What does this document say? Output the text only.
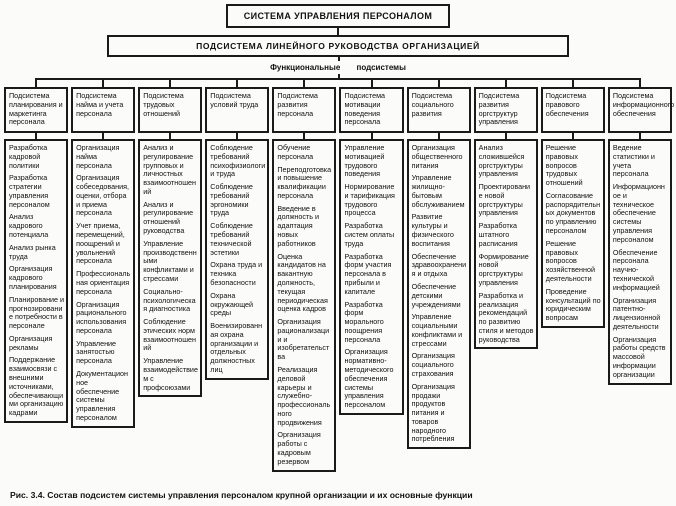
СИСТЕМА УПРАВЛЕНИЯ ПЕРСОНАЛОМ
ПОДСИСТЕМА ЛИНЕЙНОГО РУКОВОДСТВА ОРГАНИЗАЦИЕЙ
Функциональные подсистемы
Подсистема планирования и маркетинга персонала
Разработка кадровой политики
Разработка стратегии управления персоналом
Анализ кадрового потенциала
Анализ рынка труда
Организация кадрового планирования
Планирование и прогнозирование потребности в персонале
Организация рекламы
Поддержание взаимосвязи с внешними источниками, обеспечивающими организацию кадрами
Подсистема найма и учета персонала
Организация найма персонала
Организация собеседования, оценки, отбора и приема персонала
Учет приема, перемещений, поощрений и увольнений персонала
Профессиональная ориентация персонала
Организация рационального использования персонала
Управление занятостью персонала
Документационное обеспечение системы управления персоналом
Подсистема трудовых отношений
Анализ и регулирование групповых и личностных взаимоотношений
Анализ и регулирование отношений руководства
Управление производственными конфликтами и стрессами
Социально-психологическая диагностика
Соблюдение этических норм взаимоотношений
Управление взаимодействием с профсоюзами
Подсистема условий труда
Соблюдение требований психофизиологии труда
Соблюдение требований эргономики труда
Соблюдение требований технической эстетики
Охрана труда и техника безопасности
Охрана окружающей среды
Военизированная охрана организации и отдельных должностных лиц
Подсистема развития персонала
Обучение персонала
Переподготовка и повышение квалификации персонала
Введение в должность и адаптация новых работников
Оценка кандидатов на вакантную должность, текущая периодическая оценка кадров
Организация рационализации и изобретательства
Реализация деловой карьеры и служебно-профессионального продвижения
Организация работы с кадровым резервом
Подсистема мотивации поведения персонала
Управление мотивацией трудового поведения
Нормирование и тарификация трудового процесса
Разработка систем оплаты труда
Разработка форм участия персонала в прибыли и капитале
Разработка форм морального поощрения персонала
Организация нормативно-методического обеспечения системы управления персоналом
Подсистема социального развития
Организация общественного питания
Управление жилищно-бытовым обслуживанием
Развитие культуры и физического воспитания
Обеспечение здравоохранения и отдыха
Обеспечение детскими учреждениями
Управление социальными конфликтами и стрессами
Организация социального страхования
Организация продажи продуктов питания и товаров народного потребления
Подсистема развития оргструктур управления
Анализ сложившейся оргструктуры управления
Проектирование новой оргструктуры управления
Разработка штатного расписания
Формирование новой оргструктуры управления
Разработка и реализация рекомендаций по развитию стиля и методов руководства
Подсистема правового обеспечения
Решение правовых вопросов трудовых отношений
Согласование распорядительных документов по управлению персоналом
Решение правовых вопросов хозяйственной деятельности
Проведение консультаций по юридическим вопросам
Подсистема информационного обеспечения
Ведение статистики и учета персонала
Информационное и техническое обеспечение системы управления персоналом
Обеспечение персонала научно-технической информацией
Организация патентно-лицензионной деятельности
Организация работы средств массовой информации организации
Рис. 3.4. Состав подсистем системы управления персоналом крупной организации и их основные функции
